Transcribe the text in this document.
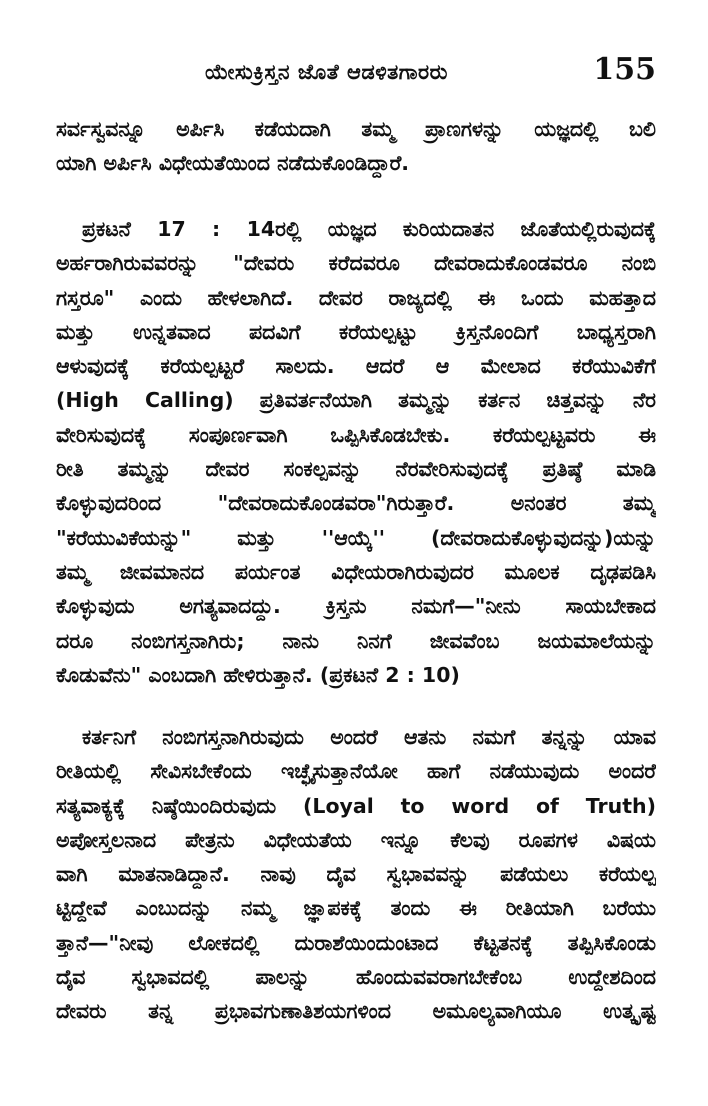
ಯೇಸುಕ್ರಿಸ್ತನ ಜೊತೆ ಆಡಳಿತಗಾರರು	155
ಸರ್ವಸ್ವವನ್ನೂ ಅರ್ಪಿಸಿ ಕಡೆಯದಾಗಿ ತಮ್ಮ ಪ್ರಾಣಗಳನ್ನು ಯಜ್ಞದಲ್ಲಿ ಬಲಿ
ಯಾಗಿ ಅರ್ಪಿಸಿ ವಿಧೇಯತೆಯಿಂದ ನಡೆದುಕೊಂಡಿದ್ದಾರೆ.
ಪ್ರಕಟನೆ 17 : 14ರಲ್ಲಿ ಯಜ್ಞದ ಕುರಿಯದಾತನ ಜೊತೆಯಲ್ಲಿರುವುದಕ್ಕೆ
ಅರ್ಹರಾಗಿರುವವರನ್ನು "ದೇವರು ಕರೆದವರೂ ದೇವರಾದುಕೊಂಡವರೂ ನಂಬಿ
ಗಸ್ತರೂ" ಎಂದು ಹೇಳಲಾಗಿದೆ. ದೇವರ ರಾಜ್ಯದಲ್ಲಿ ಈ ಒಂದು ಮಹತ್ತಾದ
ಮತ್ತು ಉನ್ನತವಾದ ಪದವಿಗೆ ಕರೆಯಲ್ಪಟ್ಟು ಕ್ರಿಸ್ತನೊಂದಿಗೆ ಬಾಧ್ಯಸ್ತರಾಗಿ
ಆಳುವುದಕ್ಕೆ ಕರೆಯಲ್ಪಟ್ಟರೆ ಸಾಲದು. ಆದರೆ ಆ ಮೇಲಾದ ಕರೆಯುವಿಕೆಗೆ
(High Calling) ಪ್ರತಿವರ್ತನೆಯಾಗಿ ತಮ್ಮನ್ನು ಕರ್ತನ ಚಿತ್ತವನ್ನು ನೆರ
ವೇರಿಸುವುದಕ್ಕೆ ಸಂಪೂರ್ಣವಾಗಿ ಒಪ್ಪಿಸಿಕೊಡಬೇಕು. ಕರೆಯಲ್ಪಟ್ಟವರು ಈ
ರೀತಿ ತಮ್ಮನ್ನು ದೇವರ ಸಂಕಲ್ಪವನ್ನು ನೆರವೇರಿಸುವುದಕ್ಕೆ ಪ್ರತಿಷ್ಠೆ ಮಾಡಿ
ಕೊಳ್ಳುವುದರಿಂದ "ದೇವರಾದುಕೊಂಡವರಾ"ಗಿರುತ್ತಾರೆ. ಅನಂತರ ತಮ್ಮ
"ಕರೆಯುವಿಕೆಯನ್ನು" ಮತ್ತು ''ಆಯ್ಕೆ'' (ದೇವರಾದುಕೊಳ್ಳುವುದನ್ನು)ಯನ್ನು
ತಮ್ಮ ಜೀವಮಾನದ ಪರ್ಯಂತ ವಿಧೇಯರಾಗಿರುವುದರ ಮೂಲಕ ದೃಢಪಡಿಸಿ
ಕೊಳ್ಳುವುದು ಅಗತ್ಯವಾದದ್ದು. ಕ್ರಿಸ್ತನು ನಮಗೆ—"ನೀನು ಸಾಯಬೇಕಾದ
ದರೂ ನಂಬಿಗಸ್ತನಾಗಿರು; ನಾನು ನಿನಗೆ ಜೀವವೆಂಬ ಜಯಮಾಲೆಯನ್ನು
ಕೊಡುವೆನು" ಎಂಬದಾಗಿ ಹೇಳಿರುತ್ತಾನೆ. (ಪ್ರಕಟನೆ 2 : 10)
ಕರ್ತನಿಗೆ ನಂಬಿಗಸ್ತನಾಗಿರುವುದು ಅಂದರೆ ಆತನು ನಮಗೆ ತನ್ನನ್ನು ಯಾವ
ರೀತಿಯಲ್ಲಿ ಸೇವಿಸಬೇಕೆಂದು ಇಚ್ಛೈಸುತ್ತಾನೆಯೋ ಹಾಗೆ ನಡೆಯುವುದು ಅಂದರೆ
ಸತ್ಯವಾಕ್ಯಕ್ಕೆ ನಿಷ್ಠೆಯಿಂದಿರುವುದು (Loyal to word of Truth)
ಅಪೋಸ್ತಲನಾದ ಪೇತ್ರನು ವಿಧೇಯತೆಯ ಇನ್ನೂ ಕೆಲವು ರೂಪಗಳ ವಿಷಯ
ವಾಗಿ ಮಾತನಾಡಿದ್ದಾನೆ. ನಾವು ದೈವ ಸ್ವಭಾವವನ್ನು ಪಡೆಯಲು ಕರೆಯಲ್ಪ
ಟ್ಟಿದ್ದೇವೆ ಎಂಬುದನ್ನು ನಮ್ಮ ಜ್ಞಾಪಕಕ್ಕೆ ತಂದು ಈ ರೀತಿಯಾಗಿ ಬರೆಯು
ತ್ತಾನೆ—"ನೀವು ಲೋಕದಲ್ಲಿ ದುರಾಶೆಯಿಂದುಂಟಾದ ಕೆಟ್ಟತನಕ್ಕೆ ತಪ್ಪಿಸಿಕೊಂಡು
ದೈವ ಸ್ವಭಾವದಲ್ಲಿ ಪಾಲನ್ನು ಹೊಂದುವವರಾಗಬೇಕೆಂಬ ಉದ್ದೇಶದಿಂದ
ದೇವರು ತನ್ನ ಪ್ರಭಾವಗುಣಾತಿಶಯಗಳಿಂದ ಅಮೂಲ್ಯವಾಗಿಯೂ ಉತ್ಕೃಷ್ಟ
